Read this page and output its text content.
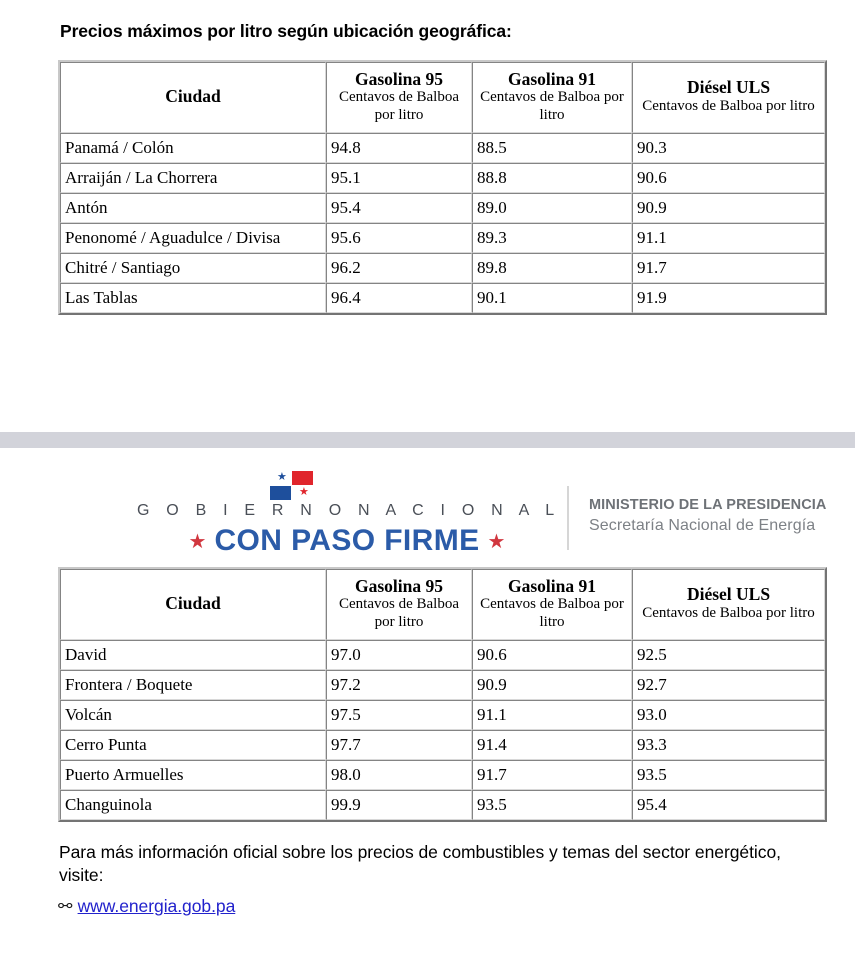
Precios máximos por litro según ubicación geográfica:
Ciudad

Gasolina 95
Centavos de Balboa por litro

Gasolina 91
Centavos de Balboa por litro

Diésel ULS
Centavos de Balboa por litro

Panamá / Colón	94.8	88.5	90.3
Arraiján / La Chorrera	95.1	88.8	90.6
Antón	95.4	89.0	90.9
Penonomé / Aguadulce / Divisa	95.6	89.3	91.1
Chitré / Santiago	96.2	89.8	91.7
Las Tablas	96.4	90.1	91.9
★
★
G O B I E R N O N A C I O N A L
★ CON PASO FIRME ★
MINISTERIO DE LA PRESIDENCIA
Secretaría Nacional de Energía
Ciudad

Gasolina 95
Centavos de Balboa por litro

Gasolina 91
Centavos de Balboa por litro

Diésel ULS
Centavos de Balboa por litro

David	97.0	90.6	92.5
Frontera / Boquete	97.2	90.9	92.7
Volcán	97.5	91.1	93.0
Cerro Punta	97.7	91.4	93.3
Puerto Armuelles	98.0	91.7	93.5
Changuinola	99.9	93.5	95.4
Para más información oficial sobre los precios de combustibles y temas del sector energético, visite:
⚯ www.energia.gob.pa
